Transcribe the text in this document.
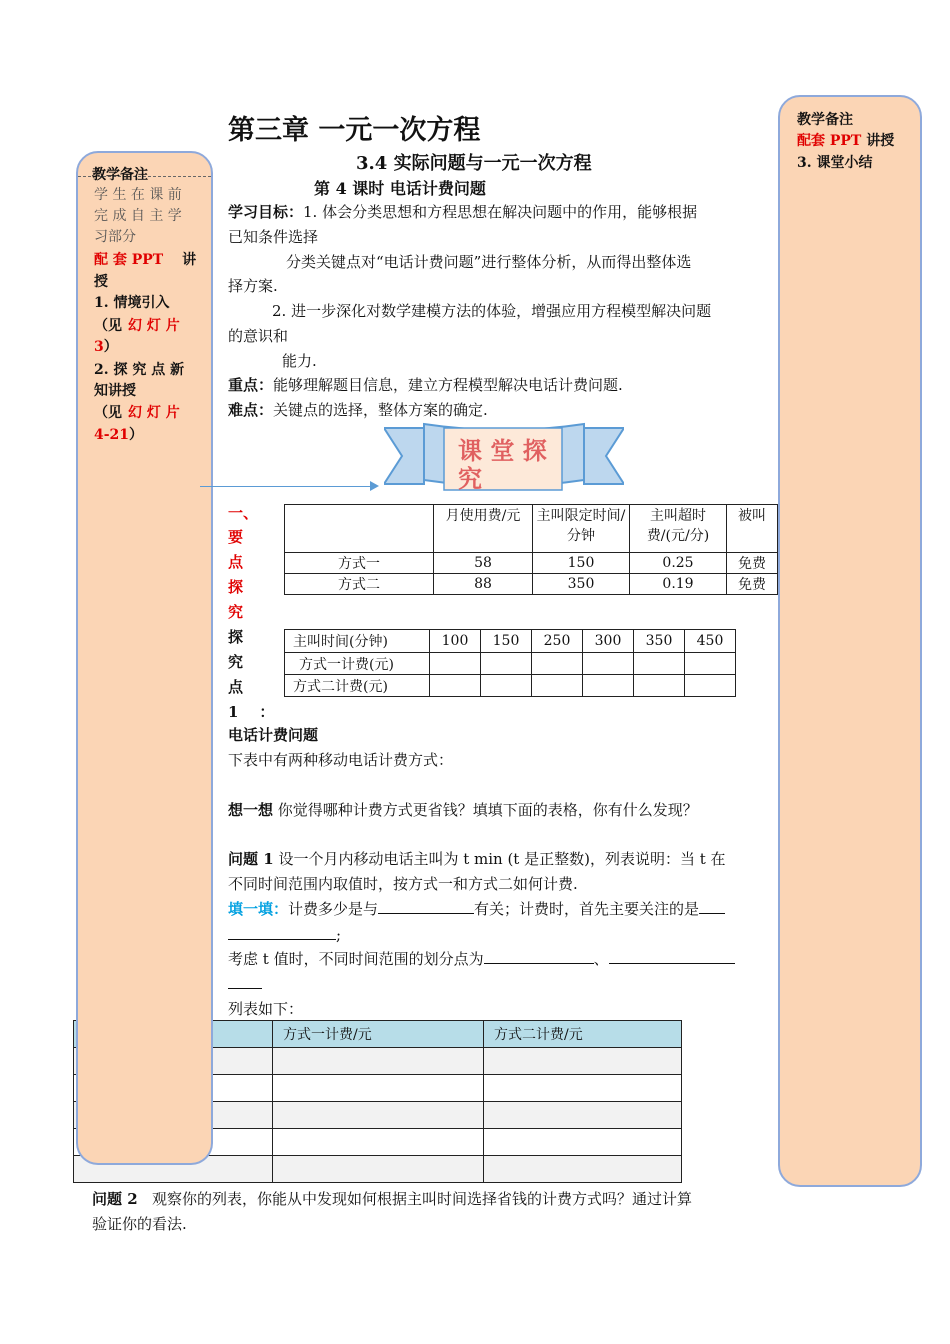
教学备注
学 生 在 课 前
完 成 自 主 学
习部分
配 套 PPT 讲
授
1. 情境引入
（见 幻 灯 片
3）
2. 探 究 点 新
知讲授
（见 幻 灯 片
4-21）
教学备注
配套 PPT 讲授
3. 课堂小结
第三章 一元一次方程
3.4 实际问题与一元一次方程
第 4 课时 电话计费问题
学习目标：1. 体会分类思想和方程思想在解决问题中的作用，能够根据
已知条件选择
分类关键点对“电话计费问题”进行整体分析，从而得出整体选
择方案.
2. 进一步深化对数学建模方法的体验，增强应用方程模型解决问题
的意识和
能力.
重点：能够理解题目信息，建立方程模型解决电话计费问题.
难点：关键点的选择，整体方案的确定.
课 堂 探 究
一、
要
点
探
究
探
究
点
1    ：
	月使用费/元	主叫限定时间/分钟	主叫超时费/(元/分)	被叫
方式一	58	150	0.25	免费
方式二	88	350	0.19	免费
主叫时间(分钟)	100	150	250	300	350	450
方式一计费(元)						
方式二计费(元)						
电话计费问题
下表中有两种移动电话计费方式：
想一想 你觉得哪种计费方式更省钱？填填下面的表格，你有什么发现？
问题 1 设一个月内移动电话主叫为 t min (t 是正整数)，列表说明：当 t 在
不同时间范围内取值时，按方式一和方式二如何计费.
填一填：计费多少是与	有关；计费时，首先主要关注的是
;
考虑 t 值时，不同时间范围的划分点为	、
列表如下：
	方式一计费/元	方式二计费/元

问题 2   观察你的列表，你能从中发现如何根据主叫时间选择省钱的计费方式吗？通过计算
验证你的看法.
